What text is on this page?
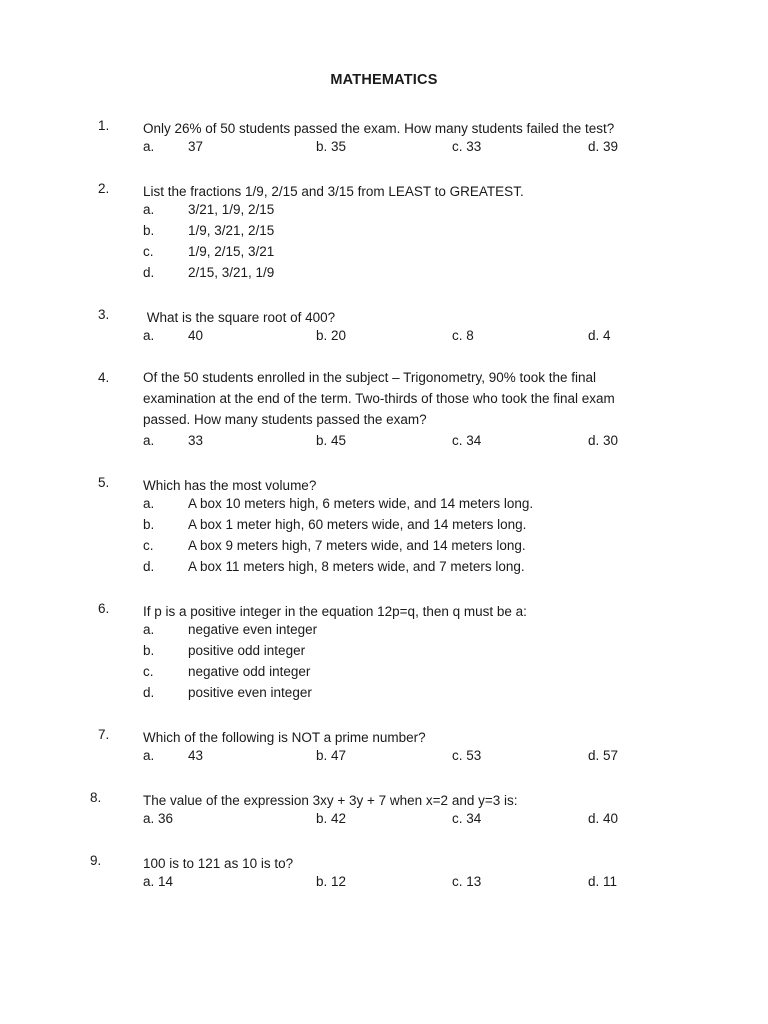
MATHEMATICS
1. Only 26% of 50 students passed the exam. How many students failed the test?
a. 37	b. 35	c. 33	d. 39
2. List the fractions 1/9, 2/15 and 3/15 from LEAST to GREATEST.
a. 3/21, 1/9, 2/15
b. 1/9, 3/21, 2/15
c.	1/9, 2/15, 3/21
d. 2/15, 3/21, 1/9
3. What is the square root of 400?
a. 40	b. 20	c. 8	d. 4
4. Of the 50 students enrolled in the subject – Trigonometry, 90% took the final
examination at the end of the term. Two-thirds of those who took the final exam
passed. How many students passed the exam?
a. 33	b. 45	c. 34	d. 30
5. Which has the most volume?
a. A box 10 meters high, 6 meters wide, and 14 meters long.
b. A box 1 meter high, 60 meters wide, and 14 meters long.
c.	A box 9 meters high, 7 meters wide, and 14 meters long.
d. A box 11 meters high, 8 meters wide, and 7 meters long.
6. If p is a positive integer in the equation 12p=q, then q must be a:
a. negative even integer
b. positive odd integer
c.	negative odd integer
d. positive even integer
7. Which of the following is NOT a prime number?
a. 43	b. 47	c. 53	d. 57
8.	The value of the expression 3xy + 3y + 7 when x=2 and y=3 is:
a. 36	b. 42	c. 34	d. 40
9.	100 is to 121 as 10 is to?
a. 14	b. 12	c. 13	d. 11
